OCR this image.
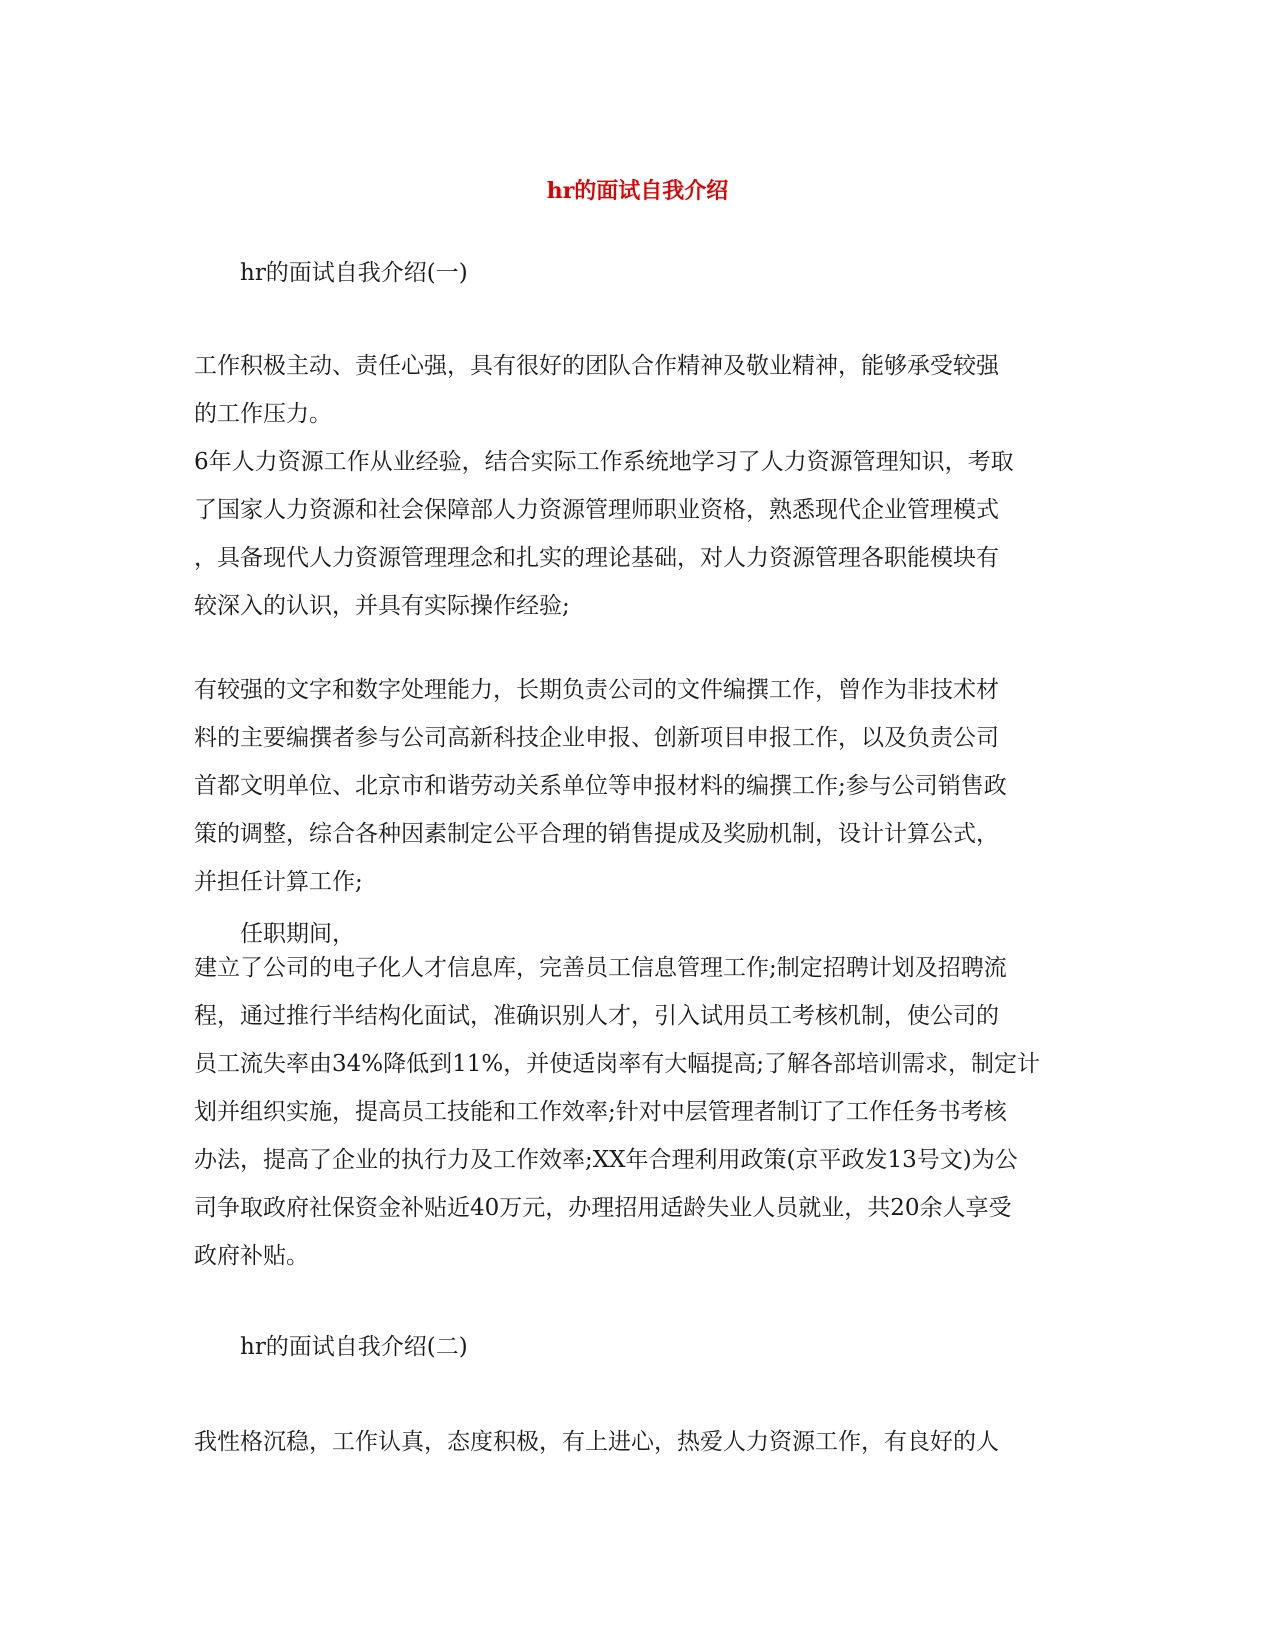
hr的面试自我介绍
hr的面试自我介绍(一)
工作积极主动、责任心强，具有很好的团队合作精神及敬业精神，能够承受较强
的工作压力。
6年人力资源工作从业经验，结合实际工作系统地学习了人力资源管理知识，考取
了国家人力资源和社会保障部人力资源管理师职业资格，熟悉现代企业管理模式
，具备现代人力资源管理理念和扎实的理论基础，对人力资源管理各职能模块有
较深入的认识，并具有实际操作经验;
有较强的文字和数字处理能力，长期负责公司的文件编撰工作，曾作为非技术材
料的主要编撰者参与公司高新科技企业申报、创新项目申报工作，以及负责公司
首都文明单位、北京市和谐劳动关系单位等申报材料的编撰工作;参与公司销售政
策的调整，综合各种因素制定公平合理的销售提成及奖励机制，设计计算公式，
并担任计算工作;
任职期间，
建立了公司的电子化人才信息库，完善员工信息管理工作;制定招聘计划及招聘流
程，通过推行半结构化面试，准确识别人才，引入试用员工考核机制，使公司的
员工流失率由34%降低到11%，并使适岗率有大幅提高;了解各部培训需求，制定计
划并组织实施，提高员工技能和工作效率;针对中层管理者制订了工作任务书考核
办法，提高了企业的执行力及工作效率;XX年合理利用政策(京平政发13号文)为公
司争取政府社保资金补贴近40万元，办理招用适龄失业人员就业，共20余人享受
政府补贴。
hr的面试自我介绍(二)
我性格沉稳，工作认真，态度积极，有上进心，热爱人力资源工作，有良好的人
